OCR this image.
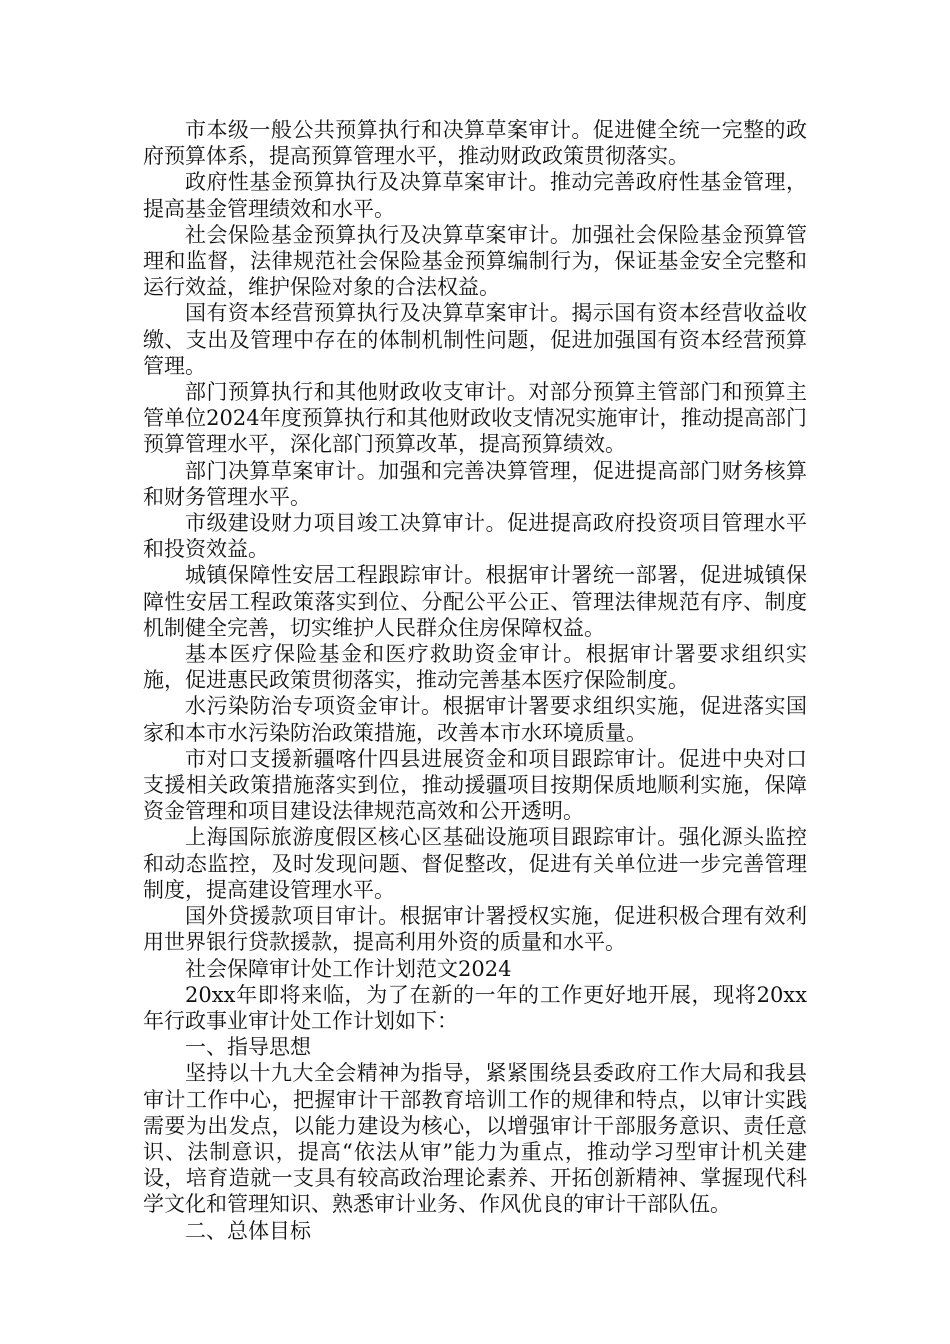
市本级一般公共预算执行和决算草案审计。促进健全统一完整的政府预算体系，提高预算管理水平，推动财政政策贯彻落实。

政府性基金预算执行及决算草案审计。推动完善政府性基金管理，提高基金管理绩效和水平。

社会保险基金预算执行及决算草案审计。加强社会保险基金预算管理和监督，法律规范社会保险基金预算编制行为，保证基金安全完整和运行效益，维护保险对象的合法权益。

国有资本经营预算执行及决算草案审计。揭示国有资本经营收益收缴、支出及管理中存在的体制机制性问题，促进加强国有资本经营预算管理。

部门预算执行和其他财政收支审计。对部分预算主管部门和预算主管单位2024年度预算执行和其他财政收支情况实施审计，推动提高部门预算管理水平，深化部门预算改革，提高预算绩效。

部门决算草案审计。加强和完善决算管理，促进提高部门财务核算和财务管理水平。

市级建设财力项目竣工决算审计。促进提高政府投资项目管理水平和投资效益。

城镇保障性安居工程跟踪审计。根据审计署统一部署，促进城镇保障性安居工程政策落实到位、分配公平公正、管理法律规范有序、制度机制健全完善，切实维护人民群众住房保障权益。

基本医疗保险基金和医疗救助资金审计。根据审计署要求组织实施，促进惠民政策贯彻落实，推动完善基本医疗保险制度。

水污染防治专项资金审计。根据审计署要求组织实施，促进落实国家和本市水污染防治政策措施，改善本市水环境质量。

市对口支援新疆喀什四县进展资金和项目跟踪审计。促进中央对口支援相关政策措施落实到位，推动援疆项目按期保质地顺利实施，保障资金管理和项目建设法律规范高效和公开透明。

上海国际旅游度假区核心区基础设施项目跟踪审计。强化源头监控和动态监控，及时发现问题、督促整改，促进有关单位进一步完善管理制度，提高建设管理水平。

国外贷援款项目审计。根据审计署授权实施，促进积极合理有效利用世界银行贷款援款，提高利用外资的质量和水平。

社会保障审计处工作计划范文2024

20xx年即将来临，为了在新的一年的工作更好地开展，现将20xx年行政事业审计处工作计划如下：

一、指导思想

坚持以十九大全会精神为指导，紧紧围绕县委政府工作大局和我县审计工作中心，把握审计干部教育培训工作的规律和特点，以审计实践需要为出发点，以能力建设为核心，以增强审计干部服务意识、责任意识、法制意识，提高“依法从审”能力为重点，推动学习型审计机关建设，培育造就一支具有较高政治理论素养、开拓创新精神、掌握现代科学文化和管理知识、熟悉审计业务、作风优良的审计干部队伍。

二、总体目标
